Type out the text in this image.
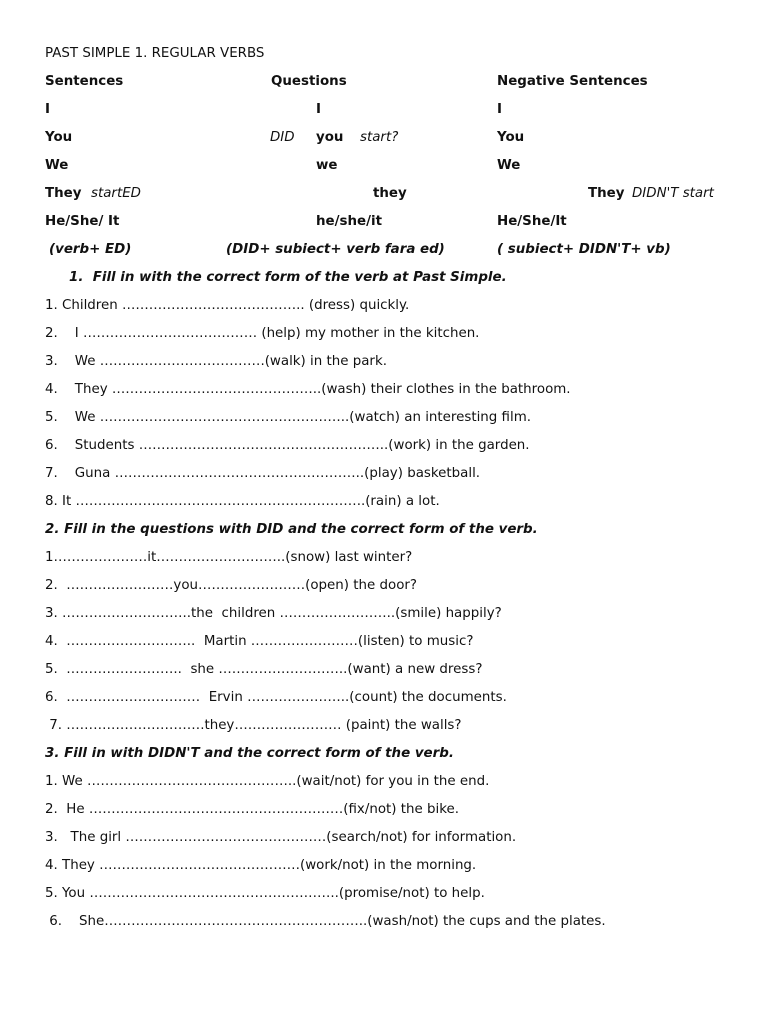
PAST SIMPLE 1. REGULAR VERBS
Sentences	Questions	Negative Sentences
I	I	I
You	DID you start?	You
We	we	We
They startED	they	They DIDN'T start
He/She/ It	he/she/it	He/She/It
(verb+ ED)	(DID+ subiect+ verb fara ed)	( subiect+ DIDN'T+ vb)
1.  Fill in with the correct form of the verb at Past Simple.
1. Children ………………………………….. (dress) quickly.
2.    I ………………………………… (help) my mother in the kitchen.
3.    We ……………………………….(walk) in the park.
4.    They ………………………………………..(wash) their clothes in the bathroom.
5.    We ………………………………………………..(watch) an interesting film.
6.    Students ………………………………………………..(work) in the garden.
7.    Guna ………………………………………………..(play) basketball.
8. It ………………………………………………………..(rain) a lot.
2. Fill in the questions with DID and the correct form of the verb.
1…………………it………………………..(snow) last winter?
2.  ……………………you……………………(open) the door?
3. ………………………..the  children ……………………..(smile) happily?
4.  ………………………..  Martin ……………………(listen) to music?
5.  ……………………..  she ………………………..(want) a new dress?
6.  …………………………  Ervin …………………..(count) the documents.
7. ………………………….they…………………… (paint) the walls?
3. Fill in with DIDN'T and the correct form of the verb.
1. We ………………………………………..(wait/not) for you in the end.
2.  He …………………………………………………(fix/not) the bike.
3.   The girl ………………………………………(search/not) for information.
4. They ………………………………………(work/not) in the morning.
5. You ………………………………………………..(promise/not) to help.
6.    She…………………………………………………..(wash/not) the cups and the plates.
